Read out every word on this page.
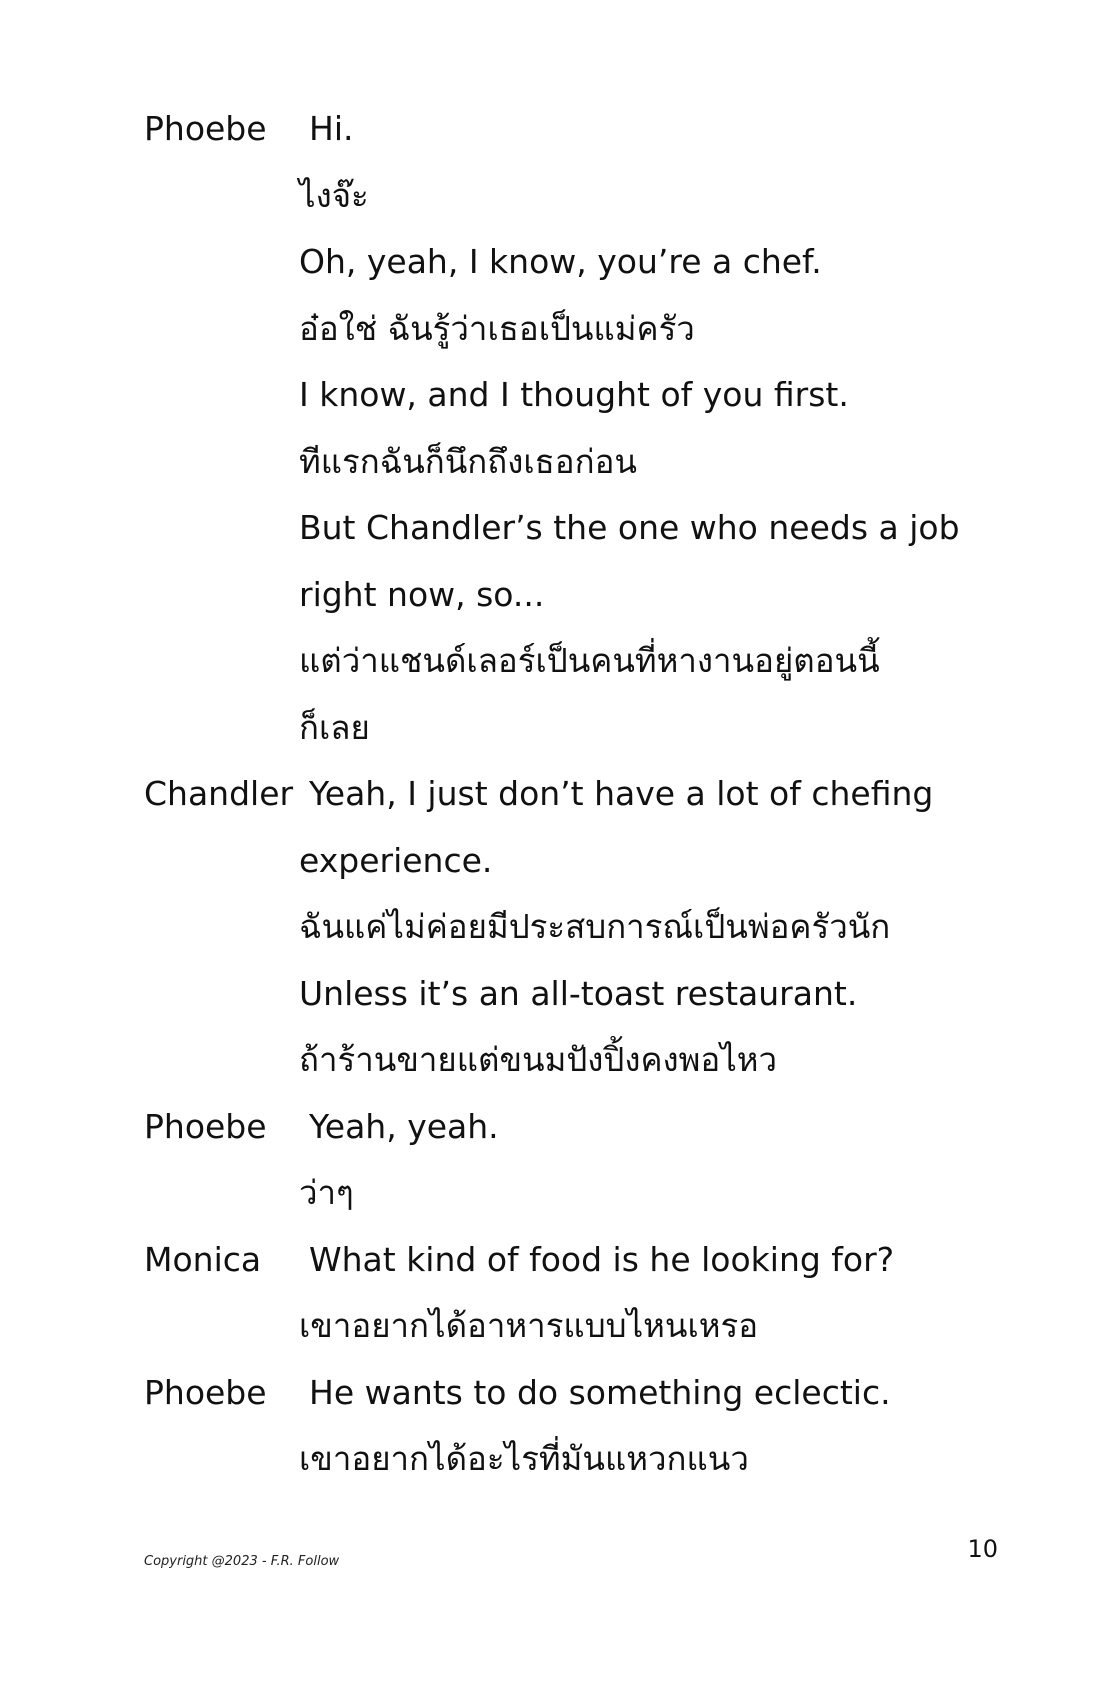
Phoebe	Hi.
ไงจ๊ะ
Oh, yeah, I know, you’re a chef.
อ๋อใช่ ฉันรู้ว่าเธอเป็นแม่ครัว
I know, and I thought of you first.
ทีแรกฉันก็นึกถึงเธอก่อน
But Chandler’s the one who needs a job
right now, so...
แต่ว่าแชนด์เลอร์เป็นคนที่หางานอยู่ตอนนี้
ก็เลย
Chandler Yeah, I just don’t have a lot of chefing
experience.
ฉันแค่ไม่ค่อยมีประสบการณ์เป็นพ่อครัวนัก
Unless it’s an all-toast restaurant.
ถ้าร้านขายแต่ขนมปังปิ้งคงพอไหว
Phoebe	Yeah, yeah.
ว่าๆ
Monica	What kind of food is he looking for?
เขาอยากได้อาหารแบบไหนเหรอ
Phoebe	He wants to do something eclectic.
เขาอยากได้อะไรที่มันแหวกแนว
Copyright @2023 - F.R. Follow	10
